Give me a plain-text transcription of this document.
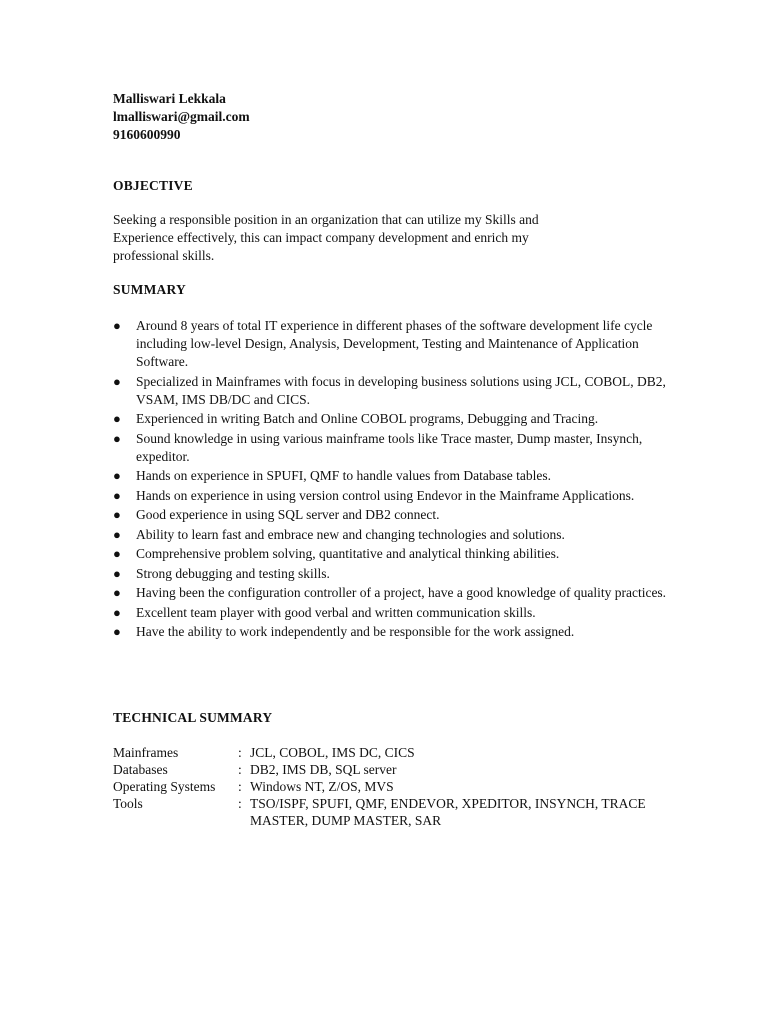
Malliswari Lekkala
lmalliswari@gmail.com
9160600990
OBJECTIVE
Seeking a responsible position in an organization that can utilize my Skills and Experience effectively, this can impact company development and enrich my professional skills.
SUMMARY
● Around 8 years of total IT experience in different phases of the software development life cycle including low-level Design, Analysis, Development, Testing and Maintenance of Application Software.
● Specialized in Mainframes with focus in developing business solutions using JCL, COBOL, DB2, VSAM, IMS DB/DC and CICS.
● Experienced in writing Batch and Online COBOL programs, Debugging and Tracing.
● Sound knowledge in using various mainframe tools like Trace master, Dump master, Insynch, expeditor.
● Hands on experience in SPUFI, QMF to handle values from Database tables.
● Hands on experience in using version control using Endevor in the Mainframe Applications.
● Good experience in using SQL server and DB2 connect.
● Ability to learn fast and embrace new and changing technologies and solutions.
● Comprehensive problem solving, quantitative and analytical thinking abilities.
● Strong debugging and testing skills.
● Having been the configuration controller of a project, have a good knowledge of quality practices.
● Excellent team player with good verbal and written communication skills.
● Have the ability to work independently and be responsible for the work assigned.
TECHNICAL SUMMARY
Mainframes	: JCL, COBOL, IMS DC, CICS
Databases	: DB2, IMS DB, SQL server
Operating Systems	: Windows NT, Z/OS, MVS
Tools	: TSO/ISPF, SPUFI, QMF, ENDEVOR, XPEDITOR, INSYNCH, TRACE MASTER, DUMP MASTER, SAR
